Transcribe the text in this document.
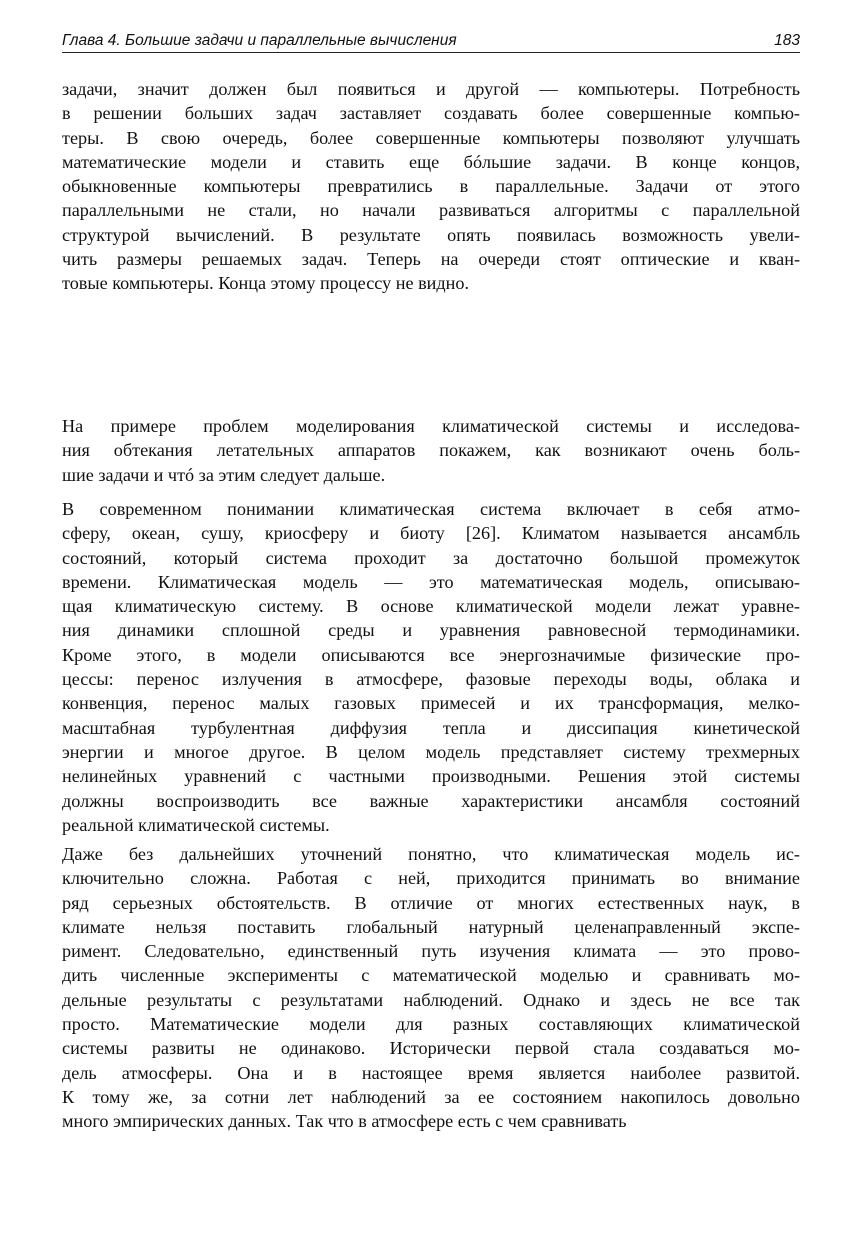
Глава 4. Большие задачи и параллельные вычисления	183
задачи, значит должен был появиться и другой — компьютеры. Потребность
в решении больших задач заставляет создавать более совершенные компью-
теры. В свою очередь, более совершенные компьютеры позволяют улучшать
математические модели и ставить еще бóльшие задачи. В конце концов,
обыкновенные компьютеры превратились в параллельные. Задачи от этого
параллельными не стали, но начали развиваться алгоритмы с параллельной
структурой вычислений. В результате опять появилась возможность увели-
чить размеры решаемых задач. Теперь на очереди стоят оптические и кван-
товые компьютеры. Конца этому процессу не видно.
На примере проблем моделирования климатической системы и исследова-
ния обтекания летательных аппаратов покажем, как возникают очень боль-
шие задачи и чтó за этим следует дальше.
В современном понимании климатическая система включает в себя атмо-
сферу, океан, сушу, криосферу и биоту [26]. Климатом называется ансамбль
состояний, который система проходит за достаточно большой промежуток
времени. Климатическая модель — это математическая модель, описываю-
щая климатическую систему. В основе климатической модели лежат уравне-
ния динамики сплошной среды и уравнения равновесной термодинамики.
Кроме этого, в модели описываются все энергозначимые физические про-
цессы: перенос излучения в атмосфере, фазовые переходы воды, облака и
конвенция, перенос малых газовых примесей и их трансформация, мелко-
масштабная турбулентная диффузия тепла и диссипация кинетической
энергии и многое другое. В целом модель представляет систему трехмерных
нелинейных уравнений с частными производными. Решения этой системы
должны воспроизводить все важные характеристики ансамбля состояний
реальной климатической системы.
Даже без дальнейших уточнений понятно, что климатическая модель ис-
ключительно сложна. Работая с ней, приходится принимать во внимание
ряд серьезных обстоятельств. В отличие от многих естественных наук, в
климате нельзя поставить глобальный натурный целенаправленный экспе-
римент. Следовательно, единственный путь изучения климата — это прово-
дить численные эксперименты с математической моделью и сравнивать мо-
дельные результаты с результатами наблюдений. Однако и здесь не все так
просто. Математические модели для разных составляющих климатической
системы развиты не одинаково. Исторически первой стала создаваться мо-
дель атмосферы. Она и в настоящее время является наиболее развитой.
К тому же, за сотни лет наблюдений за ее состоянием накопилось довольно
много эмпирических данных. Так что в атмосфере есть с чем сравнивать
